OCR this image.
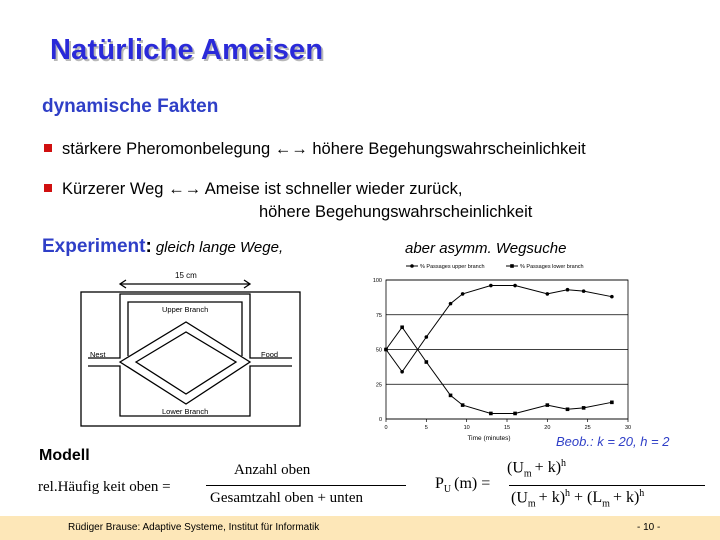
Natürliche Ameisen
dynamische Fakten
stärkere Pheromonbelegung ←→ höhere Begehungswahrscheinlichkeit
Kürzerer Weg ←→ Ameise ist schneller wieder zurück,
höhere Begehungswahrscheinlichkeit
Experiment: gleich lange Wege,	aber asymm. Wegsuche
15 cm
Upper Branch
Lower Branch
Nest	Food
0
25
50
75
100
0	5	10	15	20	25	30
Time (minutes)
% Passages upper branch	% Passages lower branch
Beob.: k = 20, h = 2
Modell
rel.Häufig keit oben =
Anzahl oben
Gesamtzahl oben + unten
$P_U$ (m) =
$(U_m + k)^h$
$(U_m + k)^h + (L_m + k)^h$
Rüdiger Brause: Adaptive Systeme, Institut für Informatik	- 10 -
